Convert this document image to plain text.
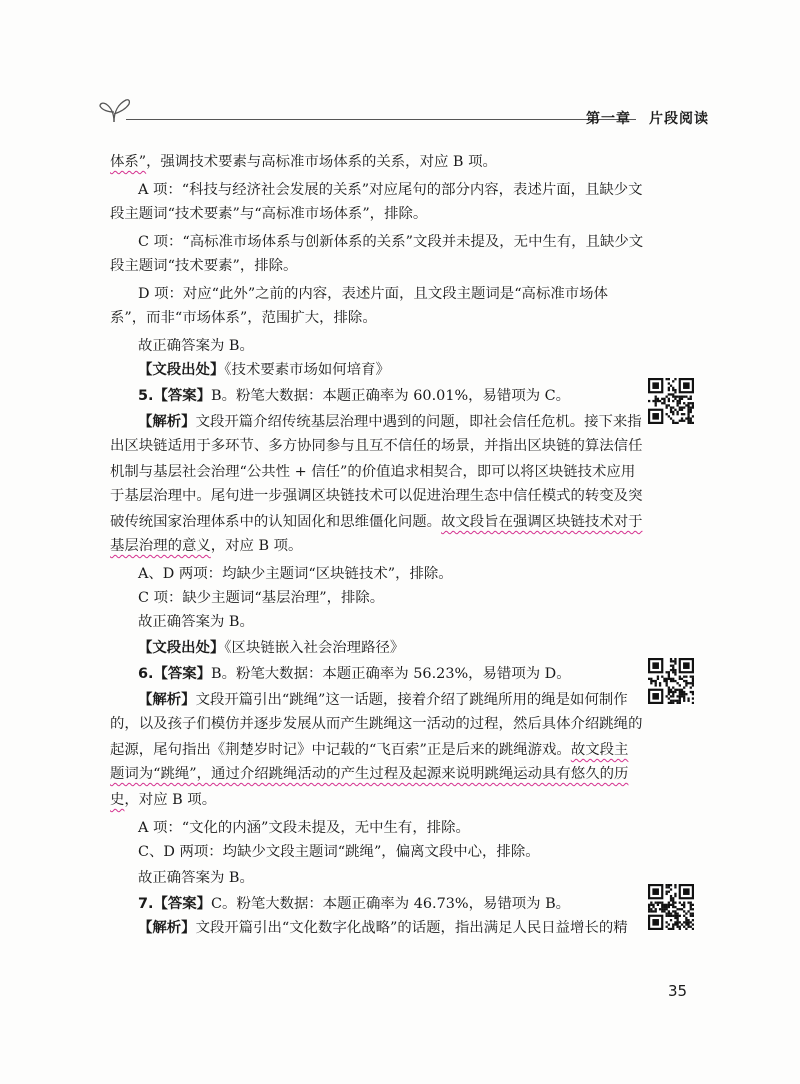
第一章 片段阅读
体系”，强调技术要素与高标准市场体系的关系，对应 B 项。
A 项：“科技与经济社会发展的关系”对应尾句的部分内容，表述片面，且缺少文
段主题词“技术要素”与“高标准市场体系”，排除。
C 项：“高标准市场体系与创新体系的关系”文段并未提及，无中生有，且缺少文
段主题词“技术要素”，排除。
D 项：对应“此外”之前的内容，表述片面，且文段主题词是“高标准市场体
系”，而非“市场体系”，范围扩大，排除。
故正确答案为 B。
【文段出处】《技术要素市场如何培育》
5.【答案】B。粉笔大数据：本题正确率为 60.01%，易错项为 C。
【解析】文段开篇介绍传统基层治理中遇到的问题，即社会信任危机。接下来指
出区块链适用于多环节、多方协同参与且互不信任的场景，并指出区块链的算法信任
机制与基层社会治理“公共性 + 信任”的价值追求相契合，即可以将区块链技术应用
于基层治理中。尾句进一步强调区块链技术可以促进治理生态中信任模式的转变及突
破传统国家治理体系中的认知固化和思维僵化问题。故文段旨在强调区块链技术对于
基层治理的意义，对应 B 项。
A、D 两项：均缺少主题词“区块链技术”，排除。
C 项：缺少主题词“基层治理”，排除。
故正确答案为 B。
【文段出处】《区块链嵌入社会治理路径》
6.【答案】B。粉笔大数据：本题正确率为 56.23%，易错项为 D。
【解析】文段开篇引出“跳绳”这一话题，接着介绍了跳绳所用的绳是如何制作
的，以及孩子们模仿并逐步发展从而产生跳绳这一活动的过程，然后具体介绍跳绳的
起源，尾句指出《荆楚岁时记》中记载的“飞百索”正是后来的跳绳游戏。故文段主
题词为“跳绳”，通过介绍跳绳活动的产生过程及起源来说明跳绳运动具有悠久的历
史，对应 B 项。
A 项：“文化的内涵”文段未提及，无中生有，排除。
C、D 两项：均缺少文段主题词“跳绳”，偏离文段中心，排除。
故正确答案为 B。
7.【答案】C。粉笔大数据：本题正确率为 46.73%，易错项为 B。
【解析】文段开篇引出“文化数字化战略”的话题，指出满足人民日益增长的精
35
